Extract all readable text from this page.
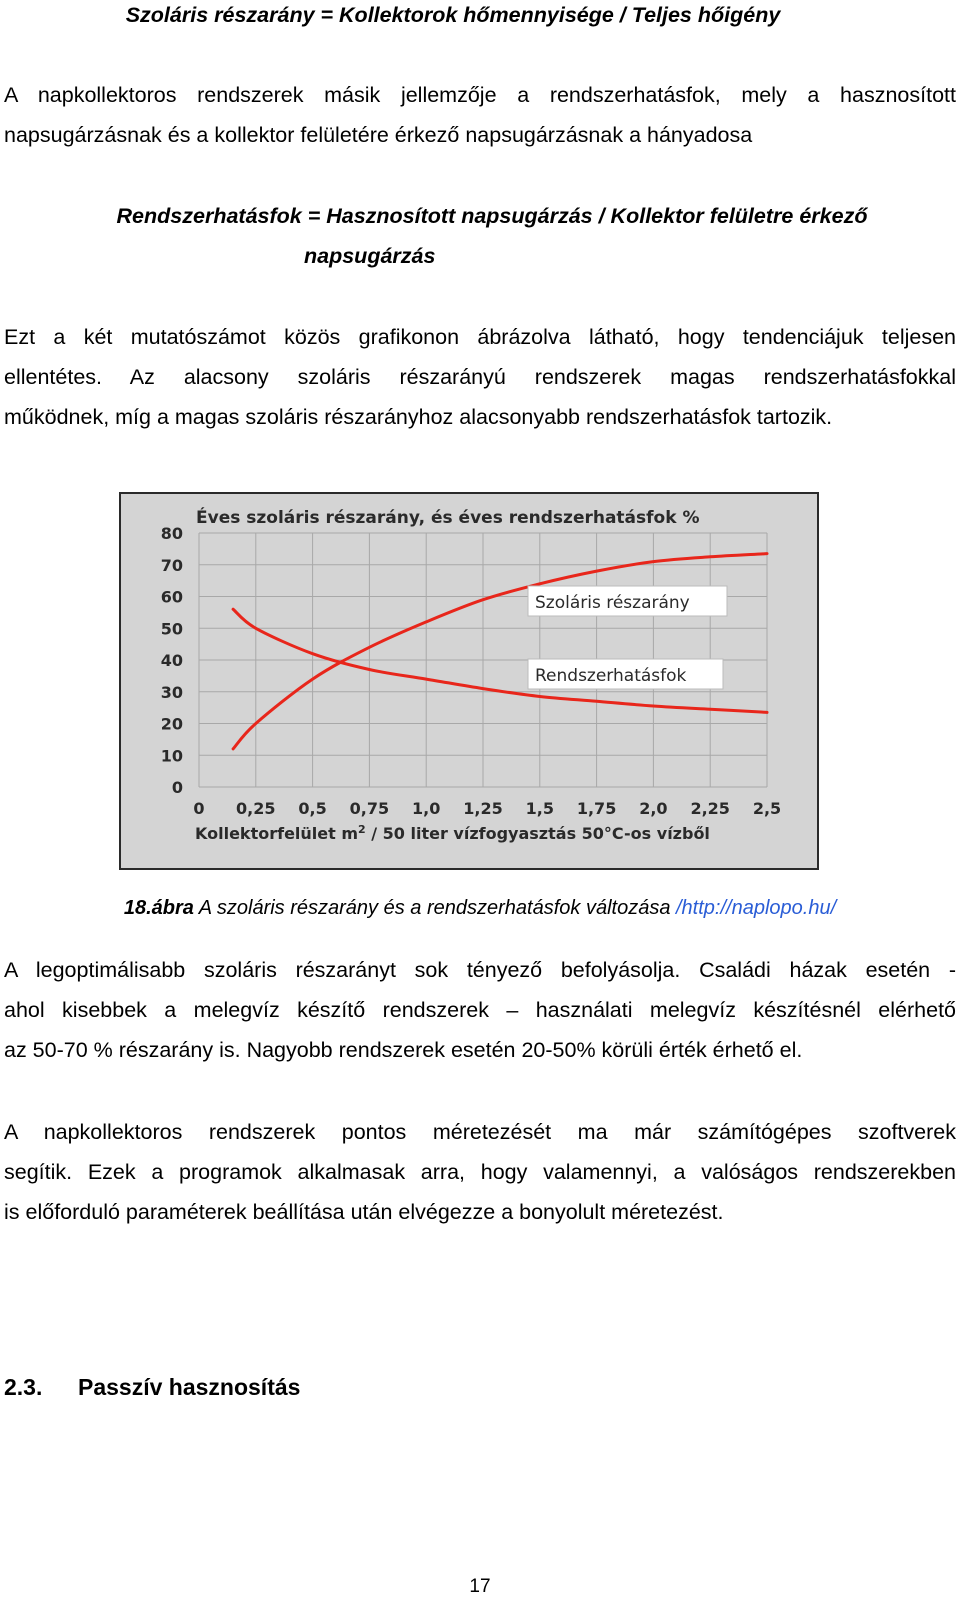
Szoláris részarány = Kollektorok hőmennyisége / Teljes hőigény
A napkollektoros rendszerek másik jellemzője a rendszerhatásfok, mely a hasznosított
napsugárzásnak és a kollektor felületére érkező napsugárzásnak a hányadosa
Rendszerhatásfok = Hasznosított napsugárzás / Kollektor felületre érkező
napsugárzás
Ezt a két mutatószámot közös grafikonon ábrázolva látható, hogy tendenciájuk teljesen
ellentétes. Az alacsony szoláris részarányú rendszerek magas rendszerhatásfokkal
működnek, míg a magas szoláris részarányhoz alacsonyabb rendszerhatásfok tartozik.
0
10
20
30
40
50
60
70
80
0 0,25 0,5 0,75 1,0 1,25 1,5 1,75 2,0 2,25 2,5
Éves szoláris részarány, és éves rendszerhatásfok %
Szoláris részarány
Rendszerhatásfok
Kollektorfelület $m^2 / 50$ liter vízfogyasztás 50°C-os vízből
18.ábra A szoláris részarány és a rendszerhatásfok változása /http://naplopo.hu/
A legoptimálisabb szoláris részarányt sok tényező befolyásolja. Családi házak esetén -
ahol kisebbek a melegvíz készítő rendszerek – használati melegvíz készítésnél elérhető
az 50-70 % részarány is. Nagyobb rendszerek esetén 20-50% körüli érték érhető el.
A napkollektoros rendszerek pontos méretezését ma már számítógépes szoftverek
segítik. Ezek a programok alkalmasak arra, hogy valamennyi, a valóságos rendszerekben
is előforduló paraméterek beállítása után elvégezze a bonyolult méretezést.
2.3. Passzív hasznosítás
17
